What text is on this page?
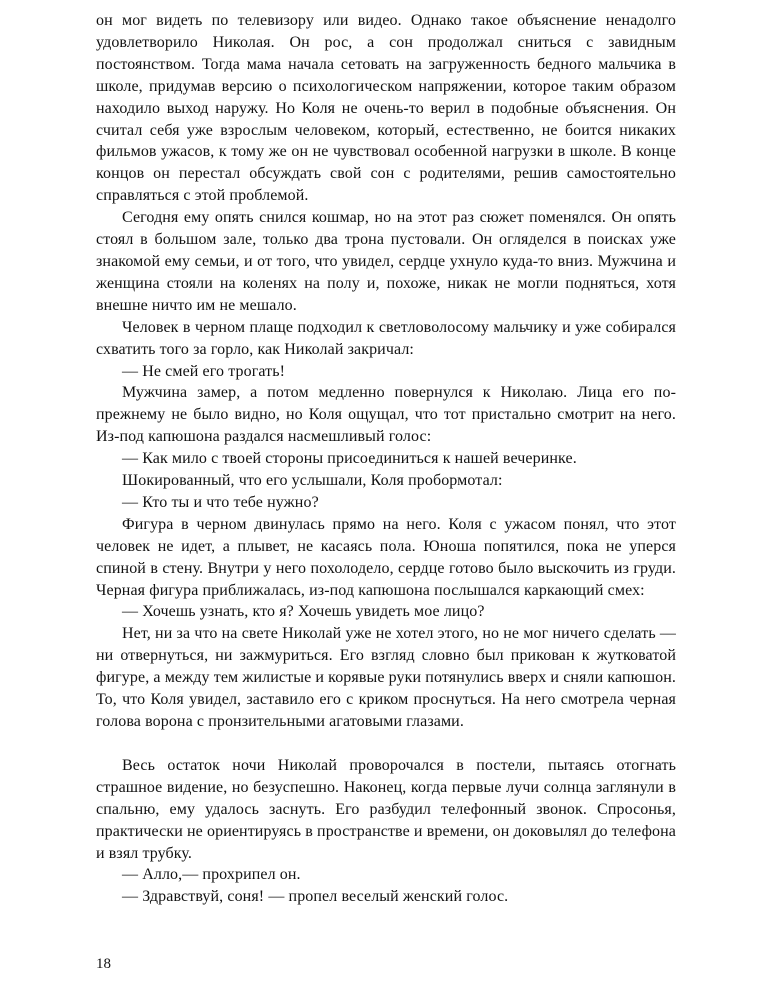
он мог видеть по телевизору или видео. Однако такое объяснение ненадолго удовлетворило Николая. Он рос, а сон продолжал сниться с завидным постоянством. Тогда мама начала сетовать на загруженность бедного мальчика в школе, придумав версию о психологическом напряжении, которое таким образом находило выход наружу. Но Коля не очень-то верил в подобные объяснения. Он считал себя уже взрослым человеком, который, естественно, не боится никаких фильмов ужасов, к тому же он не чувствовал особенной нагрузки в школе. В конце концов он перестал обсуждать свой сон с родителями, решив самостоятельно справляться с этой проблемой.

Сегодня ему опять снился кошмар, но на этот раз сюжет поменялся. Он опять стоял в большом зале, только два трона пустовали. Он огляделся в поисках уже знакомой ему семьи, и от того, что увидел, сердце ухнуло куда-то вниз. Мужчина и женщина стояли на коленях на полу и, похоже, никак не могли подняться, хотя внешне ничто им не мешало.

Человек в черном плаще подходил к светловолосому мальчику и уже собирался схватить того за горло, как Николай закричал:

— Не смей его трогать!

Мужчина замер, а потом медленно повернулся к Николаю. Лица его по-прежнему не было видно, но Коля ощущал, что тот пристально смотрит на него. Из-под капюшона раздался насмешливый голос:

— Как мило с твоей стороны присоединиться к нашей вечеринке.

Шокированный, что его услышали, Коля пробормотал:

— Кто ты и что тебе нужно?

Фигура в черном двинулась прямо на него. Коля с ужасом понял, что этот человек не идет, а плывет, не касаясь пола. Юноша попятился, пока не уперся спиной в стену. Внутри у него похолодело, сердце готово было выскочить из груди. Черная фигура приближалась, из-под капюшона послышался каркающий смех:

— Хочешь узнать, кто я? Хочешь увидеть мое лицо?

Нет, ни за что на свете Николай уже не хотел этого, но не мог ничего сделать — ни отвернуться, ни зажмуриться. Его взгляд словно был прикован к жутковатой фигуре, а между тем жилистые и корявые руки потянулись вверх и сняли капюшон. То, что Коля увидел, заставило его с криком проснуться. На него смотрела черная голова ворона с пронзительными агатовыми глазами.

Весь остаток ночи Николай проворочался в постели, пытаясь отогнать страшное видение, но безуспешно. Наконец, когда первые лучи солнца заглянули в спальню, ему удалось заснуть. Его разбудил телефонный звонок. Спросонья, практически не ориентируясь в пространстве и времени, он доковылял до телефона и взял трубку.

— Алло,— прохрипел он.

— Здравствуй, соня! — пропел веселый женский голос.

18
